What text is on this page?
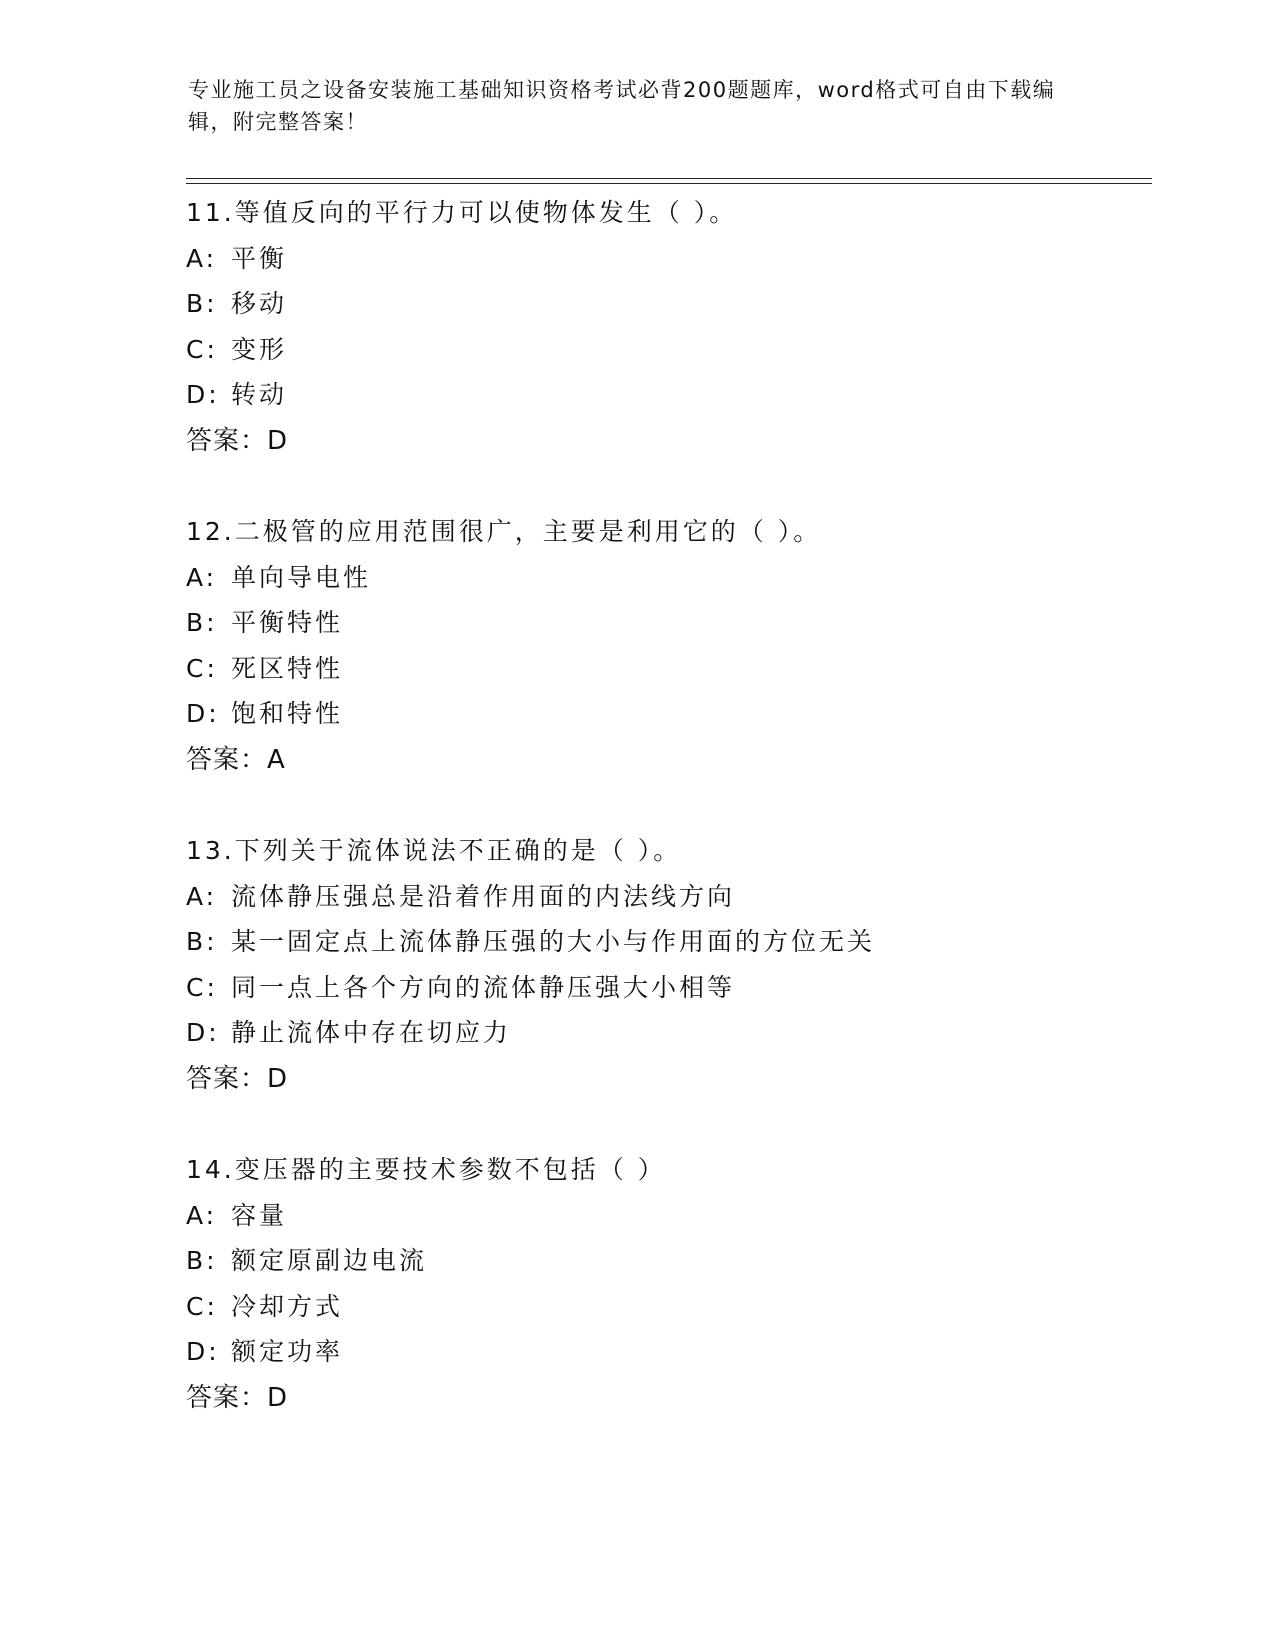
专业施工员之设备安装施工基础知识资格考试必背200题题库，word格式可自由下载编辑，附完整答案！
11.等值反向的平行力可以使物体发生（ ）。
A: 平衡
B: 移动
C: 变形
D: 转动
答案：D
12.二极管的应用范围很广，主要是利用它的（ ）。
A: 单向导电性
B: 平衡特性
C: 死区特性
D: 饱和特性
答案：A
13.下列关于流体说法不正确的是（ ）。
A: 流体静压强总是沿着作用面的内法线方向
B: 某一固定点上流体静压强的大小与作用面的方位无关
C: 同一点上各个方向的流体静压强大小相等
D: 静止流体中存在切应力
答案：D
14.变压器的主要技术参数不包括（ ）
A: 容量
B: 额定原副边电流
C: 冷却方式
D: 额定功率
答案：D
